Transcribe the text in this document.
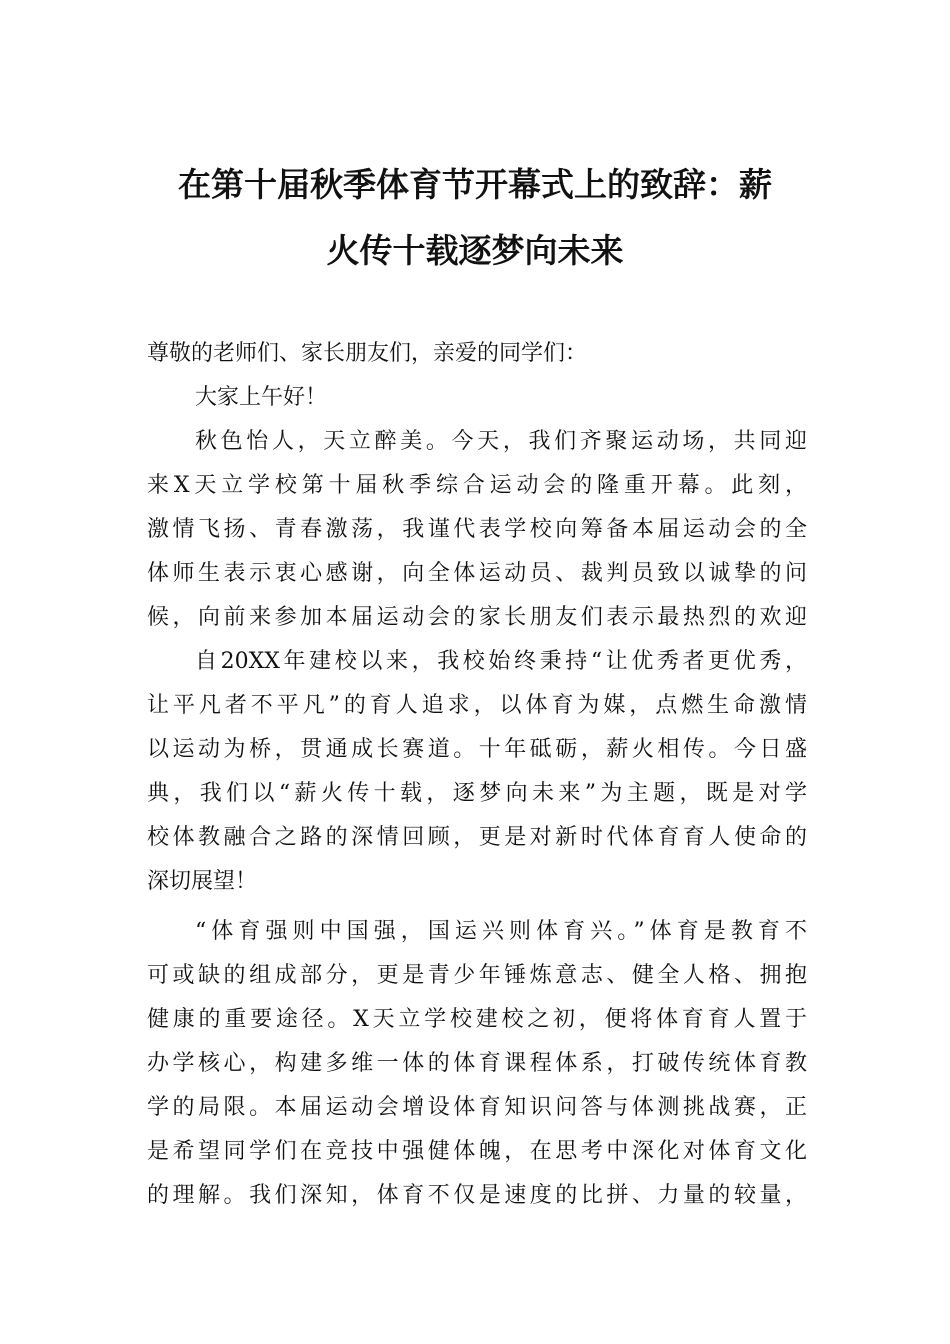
在第十届秋季体育节开幕式上的致辞：薪
火传十载逐梦向未来
尊敬的老师们、家长朋友们，亲爱的同学们：
大家上午好！
秋色怡人，天立醉美。今天，我们齐聚运动场，共同迎
来X天立学校第十届秋季综合运动会的隆重开幕。此刻，
激情飞扬、青春激荡，我谨代表学校向筹备本届运动会的全
体师生表示衷心感谢，向全体运动员、裁判员致以诚挚的问
候，向前来参加本届运动会的家长朋友们表示最热烈的欢迎
自20XX年建校以来，我校始终秉持“让优秀者更优秀，
让平凡者不平凡”的育人追求，以体育为媒，点燃生命激情
以运动为桥，贯通成长赛道。十年砥砺，薪火相传。今日盛
典，我们以“薪火传十载，逐梦向未来”为主题，既是对学
校体教融合之路的深情回顾，更是对新时代体育育人使命的
深切展望！
“体育强则中国强，国运兴则体育兴。”体育是教育不
可或缺的组成部分，更是青少年锤炼意志、健全人格、拥抱
健康的重要途径。X天立学校建校之初，便将体育育人置于
办学核心，构建多维一体的体育课程体系，打破传统体育教
学的局限。本届运动会增设体育知识问答与体测挑战赛，正
是希望同学们在竞技中强健体魄，在思考中深化对体育文化
的理解。我们深知，体育不仅是速度的比拼、力量的较量，
